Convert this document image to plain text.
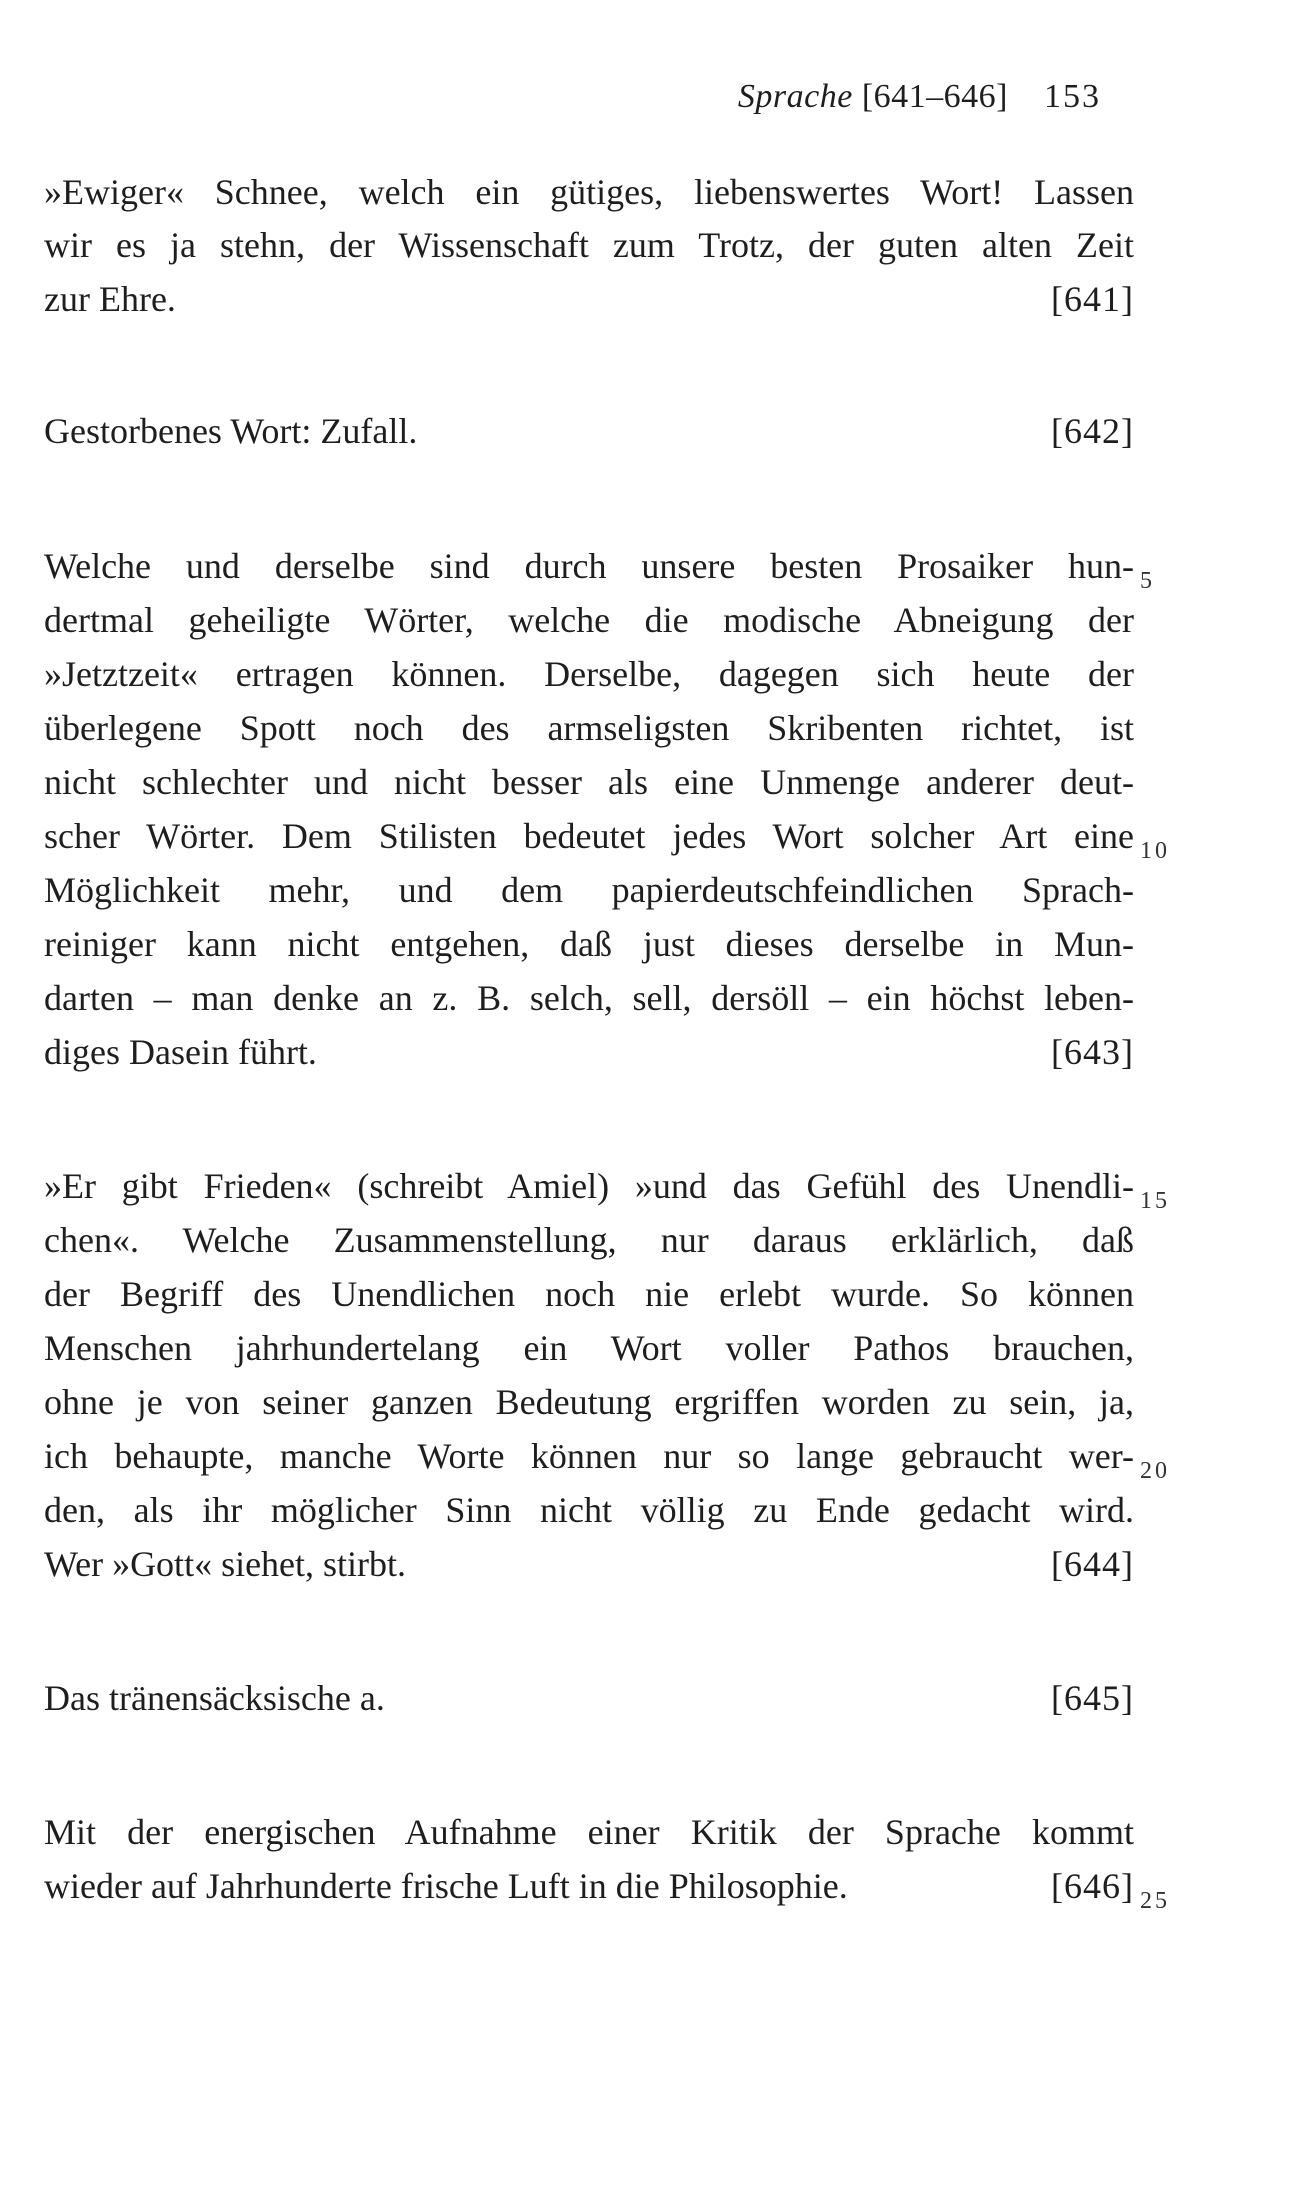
Sprache [641–646] 153
»Ewiger« Schnee, welch ein gütiges, liebenswertes Wort! Lassen
wir es ja stehn, der Wissenschaft zum Trotz, der guten alten Zeit
zur Ehre.	[641]
Gestorbenes Wort: Zufall.	[642]
Welche und derselbe sind durch unsere besten Prosaiker hun-
dertmal geheiligte Wörter, welche die modische Abneigung der
»Jetztzeit« ertragen können. Derselbe, dagegen sich heute der
überlegene Spott noch des armseligsten Skribenten richtet, ist
nicht schlechter und nicht besser als eine Unmenge anderer deut-
scher Wörter. Dem Stilisten bedeutet jedes Wort solcher Art eine
Möglichkeit mehr, und dem papierdeutschfeindlichen Sprach-
reiniger kann nicht entgehen, daß just dieses derselbe in Mun-
darten – man denke an z. B. selch, sell, dersöll – ein höchst leben-
diges Dasein führt.	[643]
»Er gibt Frieden« (schreibt Amiel) »und das Gefühl des Unendli-
chen«. Welche Zusammenstellung, nur daraus erklärlich, daß
der Begriff des Unendlichen noch nie erlebt wurde. So können
Menschen jahrhundertelang ein Wort voller Pathos brauchen,
ohne je von seiner ganzen Bedeutung ergriffen worden zu sein, ja,
ich behaupte, manche Worte können nur so lange gebraucht wer-
den, als ihr möglicher Sinn nicht völlig zu Ende gedacht wird.
Wer »Gott« siehet, stirbt.	[644]
Das tränensäcksische a.	[645]
Mit der energischen Aufnahme einer Kritik der Sprache kommt
wieder auf Jahrhunderte frische Luft in die Philosophie.	[646]
5
10
15
20
25
